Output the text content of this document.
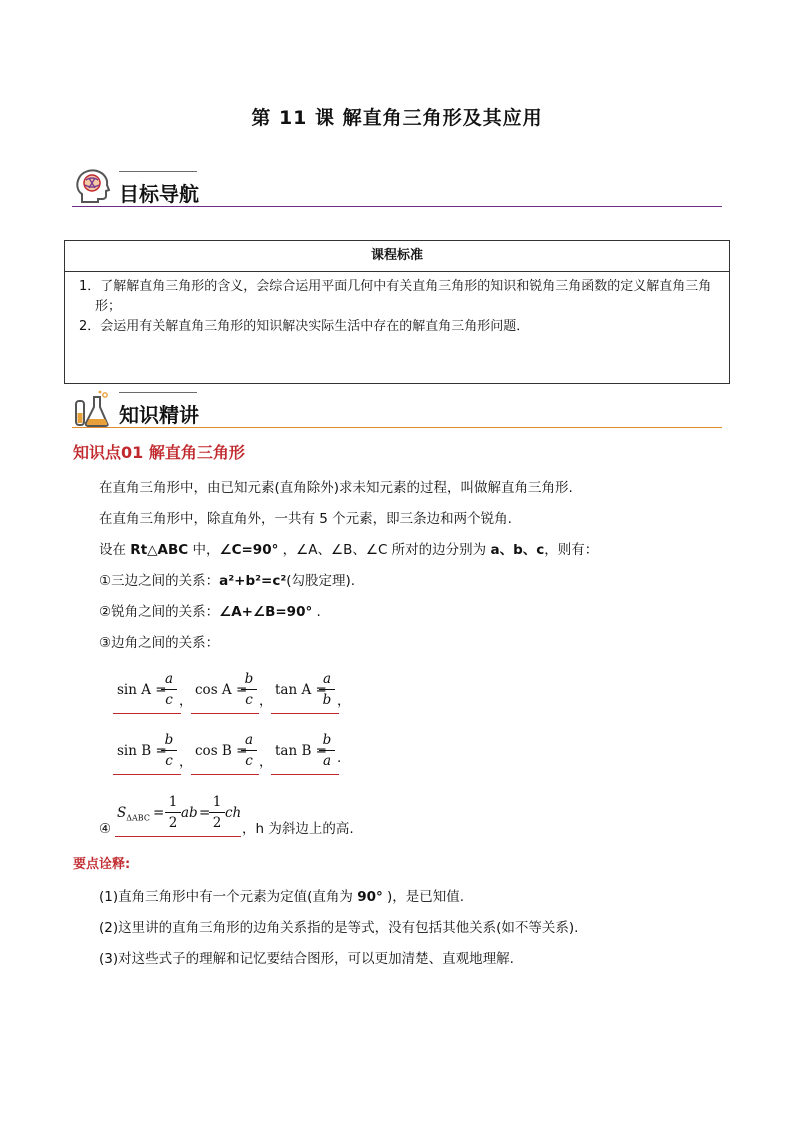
第 11 课 解直角三角形及其应用
目标导航
课程标准

1．了解解直角三角形的含义，会综合运用平面几何中有关直角三角形的知识和锐角三角函数的定义解直角三角形；
2．会运用有关解直角三角形的知识解决实际生活中存在的解直角三角形问题．
知识精讲
知识点01 解直角三角形
在直角三角形中，由已知元素(直角除外)求未知元素的过程，叫做解直角三角形.
在直角三角形中，除直角外，一共有 5 个元素，即三条边和两个锐角.
设在 Rt△ABC 中，∠C=90° ，∠A、∠B、∠C 所对的边分别为 a、b、c，则有：
①三边之间的关系：a²+b²=c²(勾股定理).
②锐角之间的关系：∠A+∠B=90° .
③边角之间的关系：
sin A =
$\frac{a}{c}$ ，
cos A =
$\frac{b}{c}$ ，
tan A =
$\frac{a}{b}$ ，
sin B =
$\frac{b}{c}$ ，
cos B =
$\frac{a}{c}$ ，
tan B =
$\frac{b}{a}$ .
④
$S_{\Delta ABC} = \frac{1}{2}$ ab =
$\frac{1}{2}$ ch
，h 为斜边上的高.
要点诠释:
(1)直角三角形中有一个元素为定值(直角为 90° )，是已知值.
(2)这里讲的直角三角形的边角关系指的是等式，没有包括其他关系(如不等关系).
(3)对这些式子的理解和记忆要结合图形，可以更加清楚、直观地理解.
